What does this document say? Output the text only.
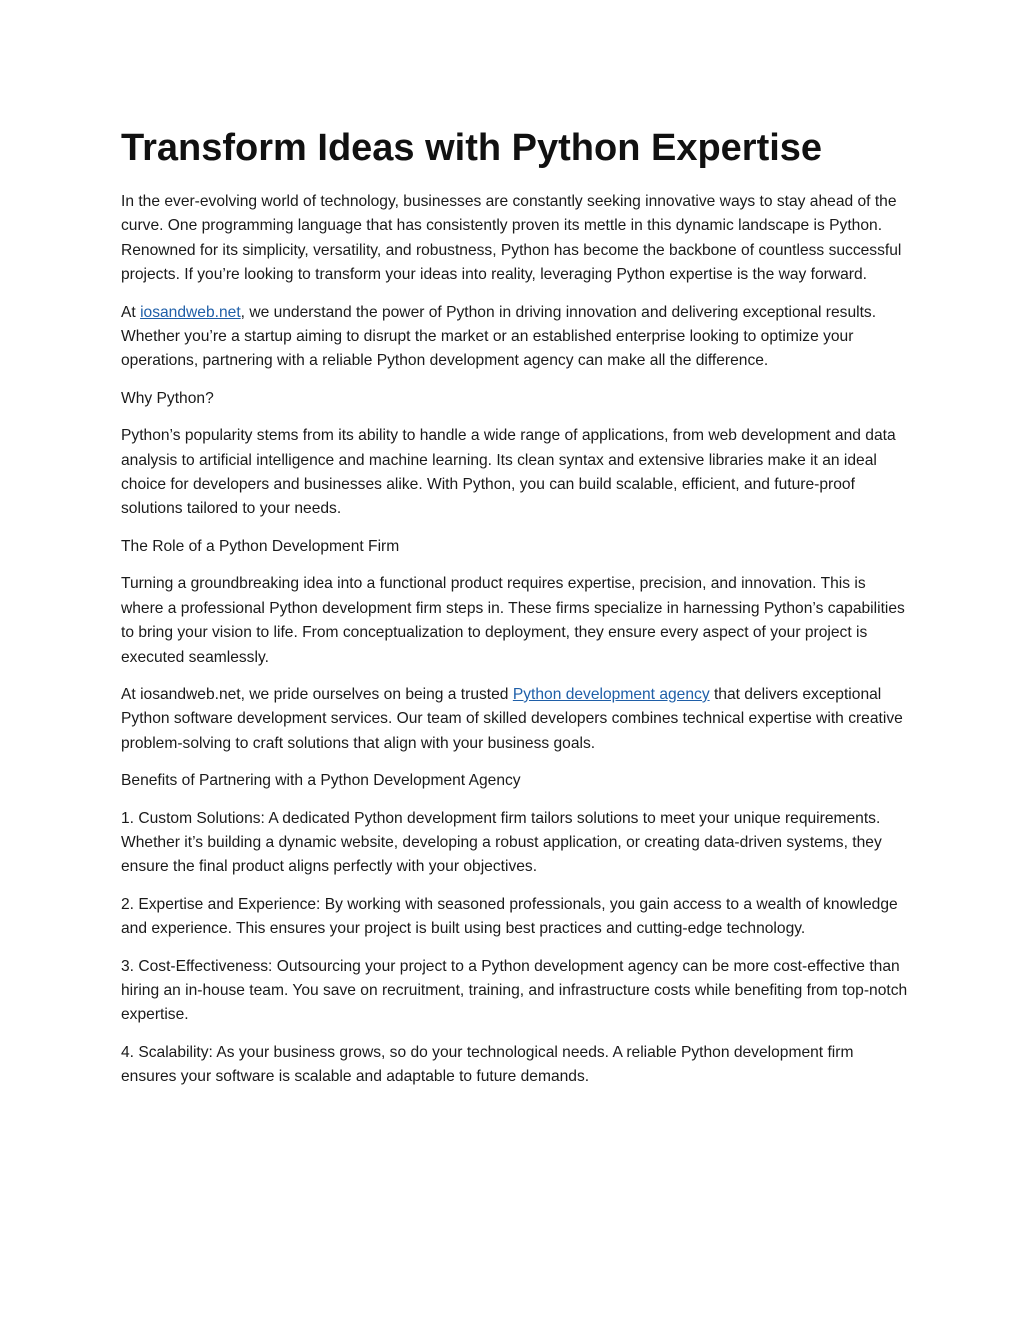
Transform Ideas with Python Expertise

In the ever-evolving world of technology, businesses are constantly seeking innovative ways to stay ahead of the curve. One programming language that has consistently proven its mettle in this dynamic landscape is Python. Renowned for its simplicity, versatility, and robustness, Python has become the backbone of countless successful projects. If you’re looking to transform your ideas into reality, leveraging Python expertise is the way forward.

At iosandweb.net, we understand the power of Python in driving innovation and delivering exceptional results. Whether you’re a startup aiming to disrupt the market or an established enterprise looking to optimize your operations, partnering with a reliable Python development agency can make all the difference.

Why Python?

Python’s popularity stems from its ability to handle a wide range of applications, from web development and data analysis to artificial intelligence and machine learning. Its clean syntax and extensive libraries make it an ideal choice for developers and businesses alike. With Python, you can build scalable, efficient, and future-proof solutions tailored to your needs.

The Role of a Python Development Firm

Turning a groundbreaking idea into a functional product requires expertise, precision, and innovation. This is where a professional Python development firm steps in. These firms specialize in harnessing Python’s capabilities to bring your vision to life. From conceptualization to deployment, they ensure every aspect of your project is executed seamlessly.

At iosandweb.net, we pride ourselves on being a trusted Python development agency that delivers exceptional Python software development services. Our team of skilled developers combines technical expertise with creative problem-solving to craft solutions that align with your business goals.

Benefits of Partnering with a Python Development Agency

1. Custom Solutions: A dedicated Python development firm tailors solutions to meet your unique requirements. Whether it’s building a dynamic website, developing a robust application, or creating data-driven systems, they ensure the final product aligns perfectly with your objectives.

2. Expertise and Experience: By working with seasoned professionals, you gain access to a wealth of knowledge and experience. This ensures your project is built using best practices and cutting-edge technology.

3. Cost-Effectiveness: Outsourcing your project to a Python development agency can be more cost-effective than hiring an in-house team. You save on recruitment, training, and infrastructure costs while benefiting from top-notch expertise.

4. Scalability: As your business grows, so do your technological needs. A reliable Python development firm ensures your software is scalable and adaptable to future demands.
